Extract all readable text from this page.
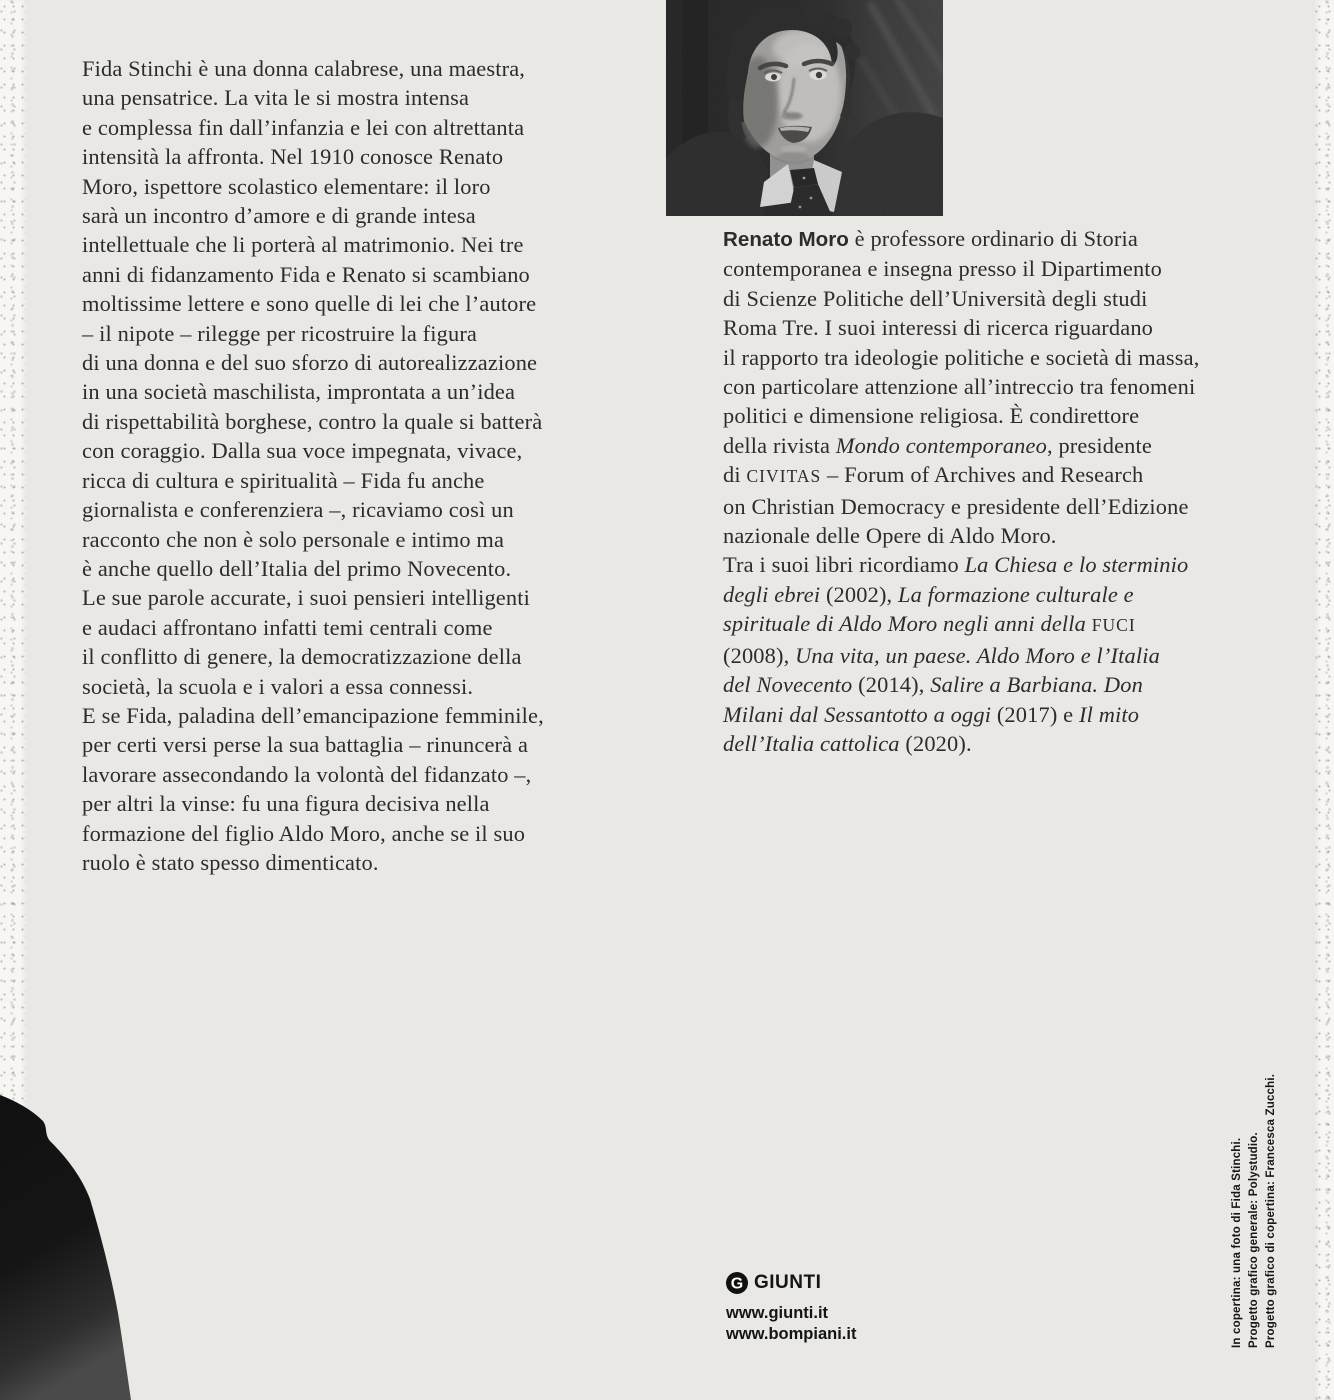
Fida Stinchi è una donna calabrese, una maestra,
una pensatrice. La vita le si mostra intensa
e complessa fin dall’infanzia e lei con altrettanta
intensità la affronta. Nel 1910 conosce Renato
Moro, ispettore scolastico elementare: il loro
sarà un incontro d’amore e di grande intesa
intellettuale che li porterà al matrimonio. Nei tre
anni di fidanzamento Fida e Renato si scambiano
moltissime lettere e sono quelle di lei che l’autore
– il nipote – rilegge per ricostruire la figura
di una donna e del suo sforzo di autorealizzazione
in una società maschilista, improntata a un’idea
di rispettabilità borghese, contro la quale si batterà
con coraggio. Dalla sua voce impegnata, vivace,
ricca di cultura e spiritualità – Fida fu anche
giornalista e conferenziera –, ricaviamo così un
racconto che non è solo personale e intimo ma
è anche quello dell’Italia del primo Novecento.
Le sue parole accurate, i suoi pensieri intelligenti
e audaci affrontano infatti temi centrali come
il conflitto di genere, la democratizzazione della
società, la scuola e i valori a essa connessi.
E se Fida, paladina dell’emancipazione femminile,
per certi versi perse la sua battaglia – rinuncerà a
lavorare assecondando la volontà del fidanzato –,
per altri la vinse: fu una figura decisiva nella
formazione del figlio Aldo Moro, anche se il suo
ruolo è stato spesso dimenticato.
Renato Moro è professore ordinario di Storia
contemporanea e insegna presso il Dipartimento
di Scienze Politiche dell’Università degli studi
Roma Tre. I suoi interessi di ricerca riguardano
il rapporto tra ideologie politiche e società di massa,
con particolare attenzione all’intreccio tra fenomeni
politici e dimensione religiosa. È condirettore
della rivista Mondo contemporaneo, presidente
di CIVITAS – Forum of Archives and Research
on Christian Democracy e presidente dell’Edizione
nazionale delle Opere di Aldo Moro.
Tra i suoi libri ricordiamo La Chiesa e lo sterminio
degli ebrei (2002), La formazione culturale e
spirituale di Aldo Moro negli anni della FUCI
(2008), Una vita, un paese. Aldo Moro e l’Italia
del Novecento (2014), Salire a Barbiana. Don
Milani dal Sessantotto a oggi (2017) e Il mito
dell’Italia cattolica (2020).
In copertina: una foto di Fida Stinchi. Progetto grafico generale: Polystudio. Progetto grafico di copertina: Francesca Zucchi.
G GIUNTI
www.giunti.it
www.bompiani.it
